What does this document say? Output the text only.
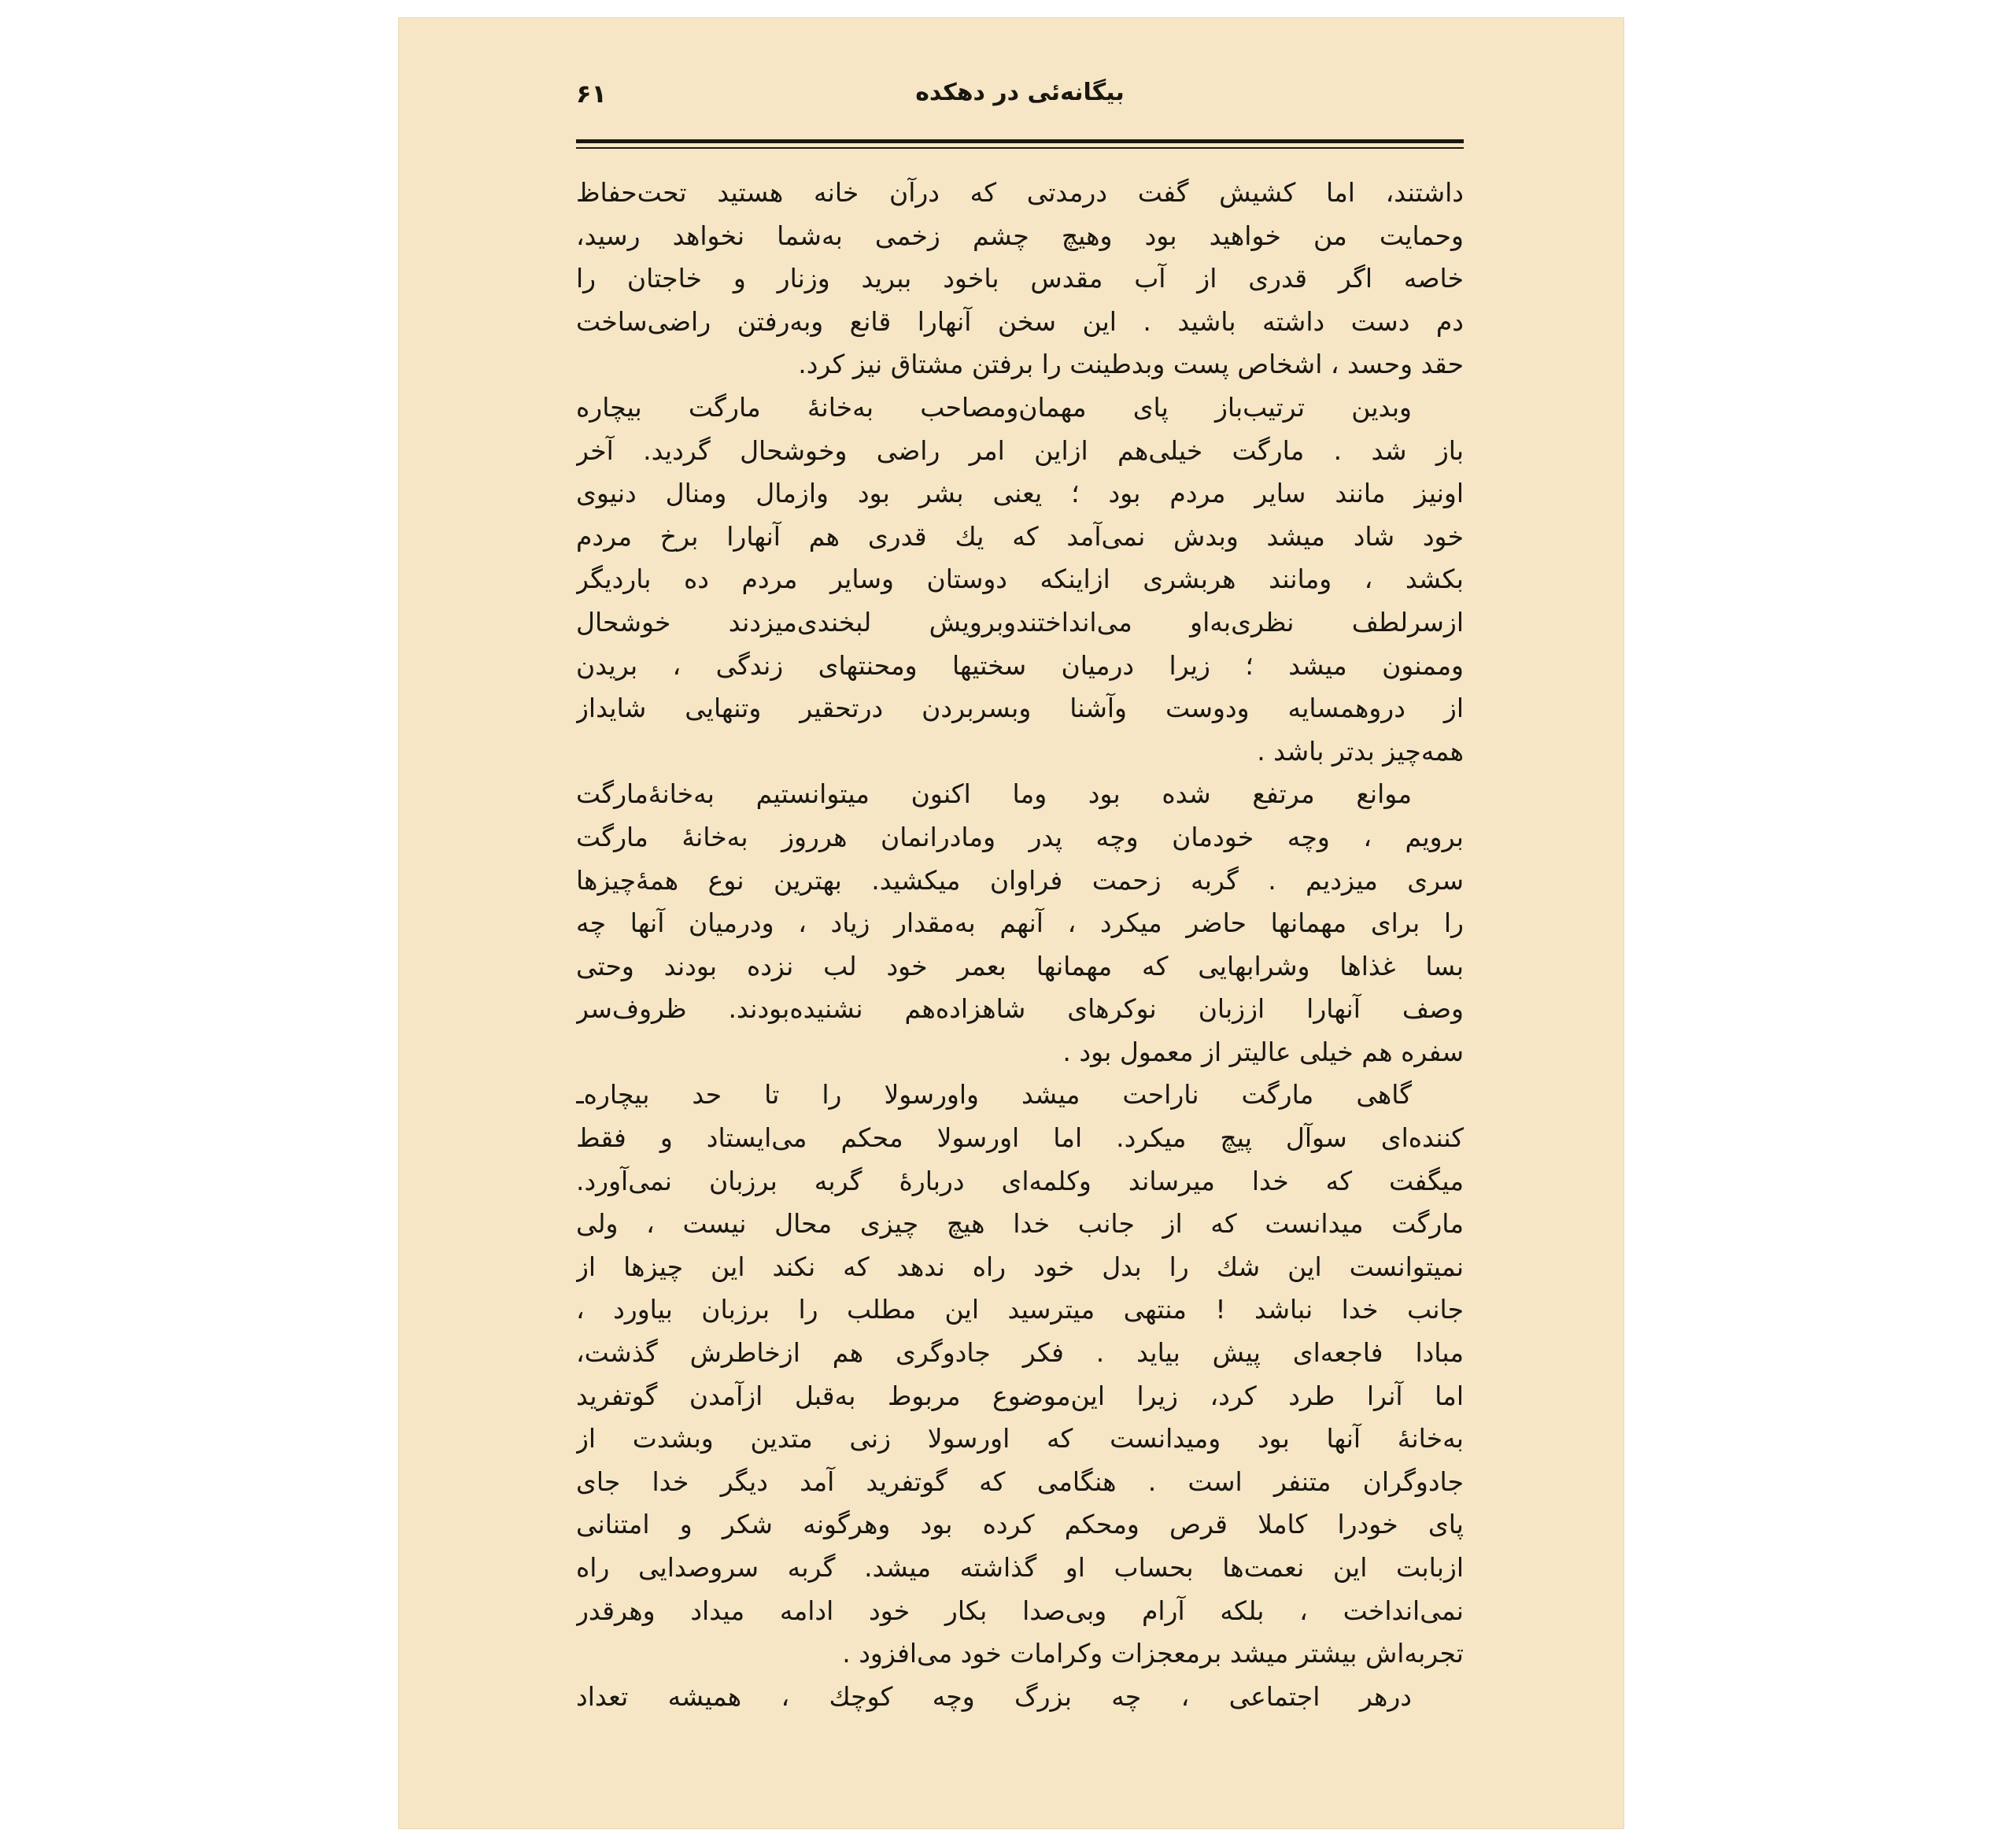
بیگانه‌ئی در دهکده
۶۱
داشتند، اما کشیش گفت درمدتی که درآن خانه هستید تحت‌حفاظ
وحمایت من خواهید بود وهیچ چشم زخمی به‌شما نخواهد رسید،
خاصه اگر قدری از آب مقدس باخود ببرید وزنار و خاجتان را
دم دست داشته باشید . این سخن آنهارا قانع وبه‌رفتن راضی‌ساخت
حقد وحسد ، اشخاص پست وبدطینت را برفتن مشتاق نیز کرد.
وبدین ترتیب‌باز پای مهمان‌ومصاحب به‌خانهٔ مارگت بیچاره
باز شد . مارگت خیلی‌هم ازاین امر راضی وخوشحال گردید. آخر
اونیز مانند سایر مردم بود ؛ یعنی بشر بود وازمال ومنال دنیوی
خود شاد میشد وبدش نمی‌آمد که یك قدری هم آنهارا برخ مردم
بکشد ، ومانند هربشری ازاینکه دوستان وسایر مردم ده باردیگر
ازسرلطف نظری‌به‌او می‌انداختندوبرویش لبخندی‌میزدند خوشحال
وممنون میشد ؛ زیرا درمیان سختیها ومحنتهای زندگی ، بریدن
از دروهمسایه ودوست وآشنا وبسربردن درتحقیر وتنهایی شایداز
همه‌چیز بدتر باشد .
موانع مرتفع شده بود وما اکنون میتوانستیم به‌خانهٔ‌مارگت
برویم ، وچه خودمان وچه پدر ومادرانمان هرروز به‌خانهٔ مارگت
سری میزدیم . گربه زحمت فراوان میکشید. بهترین نوع همهٔ‌چیزها
را برای مهمانها حاضر میکرد ، آنهم به‌مقدار زیاد ، ودرمیان آنها چه
بسا غذاها وشرابهایی که مهمانها بعمر خود لب نزده بودند وحتی
وصف آنهارا اززبان نوکرهای شاهزاده‌هم نشنیده‌بودند. ظروف‌سر
سفره هم خیلی عالیتر از معمول بود .
گاهی مارگت ناراحت میشد واورسولا را تا حد بیچاره‌ـ
کننده‌ای سوآل پیچ میکرد. اما اورسولا محکم می‌ایستاد و فقط
میگفت که خدا میرساند وکلمه‌ای دربارهٔ گربه برزبان نمی‌آورد.
مارگت میدانست که از جانب خدا هیچ چیزی محال نیست ، ولی
نمیتوانست این شك را بدل خود راه ندهد که نکند این چیزها از
جانب خدا نباشد ! منتهی میترسید این مطلب را برزبان بیاورد ،
مبادا فاجعه‌ای پیش بیاید . فکر جادوگری هم ازخاطرش گذشت،
اما آنرا طرد کرد، زیرا این‌موضوع مربوط به‌قبل ازآمدن گوتفرید
به‌خانهٔ آنها بود ومیدانست که اورسولا زنی متدین وبشدت از
جادوگران متنفر است . هنگامی که گوتفرید آمد دیگر خدا جای
پای خودرا کاملا قرص ومحکم کرده بود وهرگونه شکر و امتنانی
ازبابت این نعمت‌ها بحساب او گذاشته میشد. گربه سروصدایی راه
نمی‌انداخت ، بلکه آرام وبی‌صدا بکار خود ادامه میداد وهرقدر
تجربه‌اش بیشتر میشد برمعجزات وکرامات خود می‌افزود .
درهر اجتماعی ، چه بزرگ وچه کوچك ، همیشه تعداد
